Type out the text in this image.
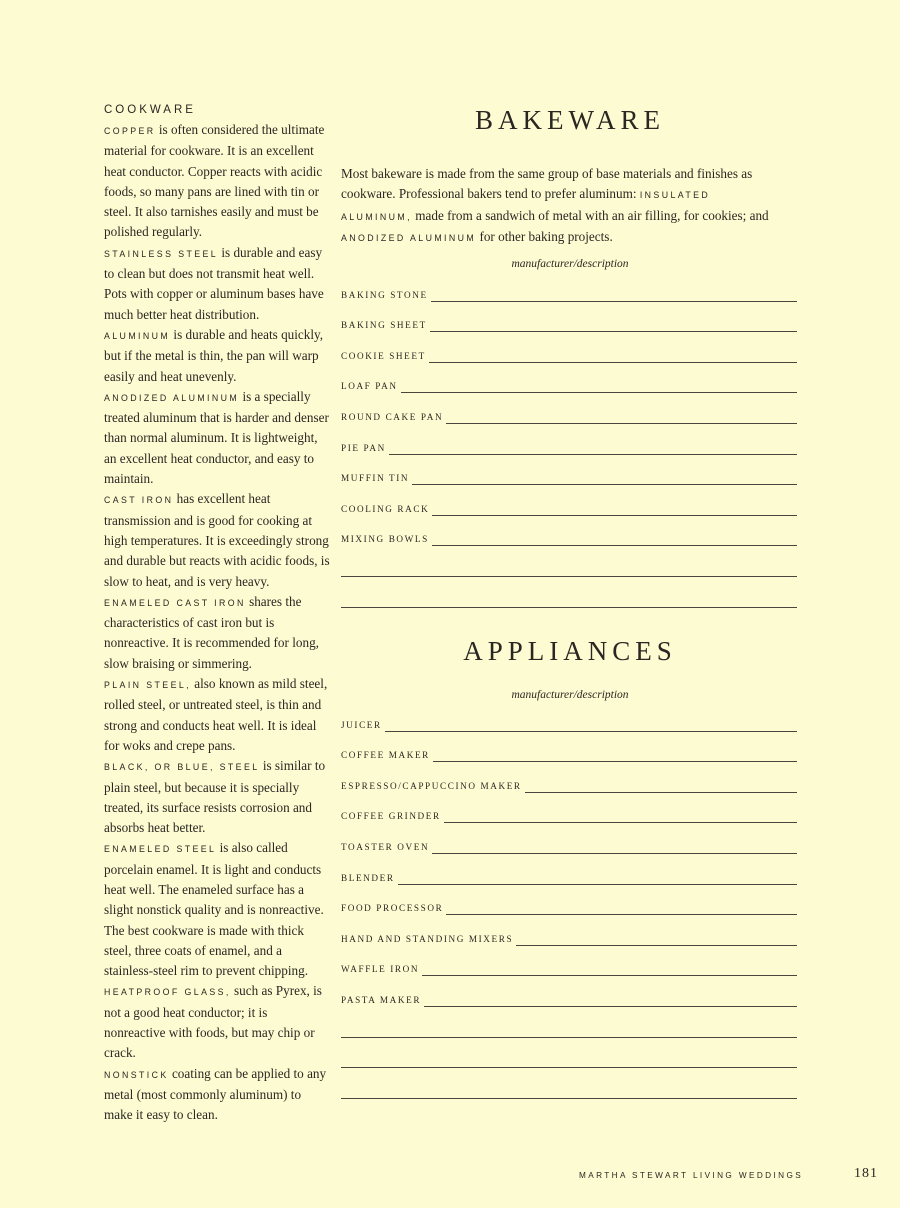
COOKWARE
COPPER is often considered the ultimate material for cookware. It is an excellent heat conductor. Copper reacts with acidic foods, so many pans are lined with tin or steel. It also tarnishes easily and must be polished regularly.
STAINLESS STEEL is durable and easy to clean but does not transmit heat well. Pots with copper or aluminum bases have much better heat distribution.
ALUMINUM is durable and heats quickly, but if the metal is thin, the pan will warp easily and heat unevenly.
ANODIZED ALUMINUM is a specially treated aluminum that is harder and denser than normal aluminum. It is lightweight, an excellent heat conductor, and easy to maintain.
CAST IRON has excellent heat transmission and is good for cooking at high temperatures. It is exceedingly strong and durable but reacts with acidic foods, is slow to heat, and is very heavy.
ENAMELED CAST IRON shares the characteristics of cast iron but is nonreactive. It is recommended for long, slow braising or simmering.
PLAIN STEEL, also known as mild steel, rolled steel, or untreated steel, is thin and strong and conducts heat well. It is ideal for woks and crepe pans.
BLACK, OR BLUE, STEEL is similar to plain steel, but because it is specially treated, its surface resists corrosion and absorbs heat better.
ENAMELED STEEL is also called porcelain enamel. It is light and conducts heat well. The enameled surface has a slight nonstick quality and is nonreactive. The best cookware is made with thick steel, three coats of enamel, and a stainless-steel rim to prevent chipping.
HEATPROOF GLASS, such as Pyrex, is not a good heat conductor; it is nonreactive with foods, but may chip or crack.
NONSTICK coating can be applied to any metal (most commonly aluminum) to make it easy to clean.
BAKEWARE
Most bakeware is made from the same group of base materials and finishes as cookware. Professional bakers tend to prefer aluminum: INSULATED ALUMINUM, made from a sandwich of metal with an air filling, for cookies; and ANODIZED ALUMINUM for other baking projects.
manufacturer/description
BAKING STONE
BAKING SHEET
COOKIE SHEET
LOAF PAN
ROUND CAKE PAN
PIE PAN
MUFFIN TIN
COOLING RACK
MIXING BOWLS
APPLIANCES
manufacturer/description
JUICER
COFFEE MAKER
ESPRESSO/CAPPUCCINO MAKER
COFFEE GRINDER
TOASTER OVEN
BLENDER
FOOD PROCESSOR
HAND AND STANDING MIXERS
WAFFLE IRON
PASTA MAKER
MARTHA STEWART LIVING WEDDINGS	181
